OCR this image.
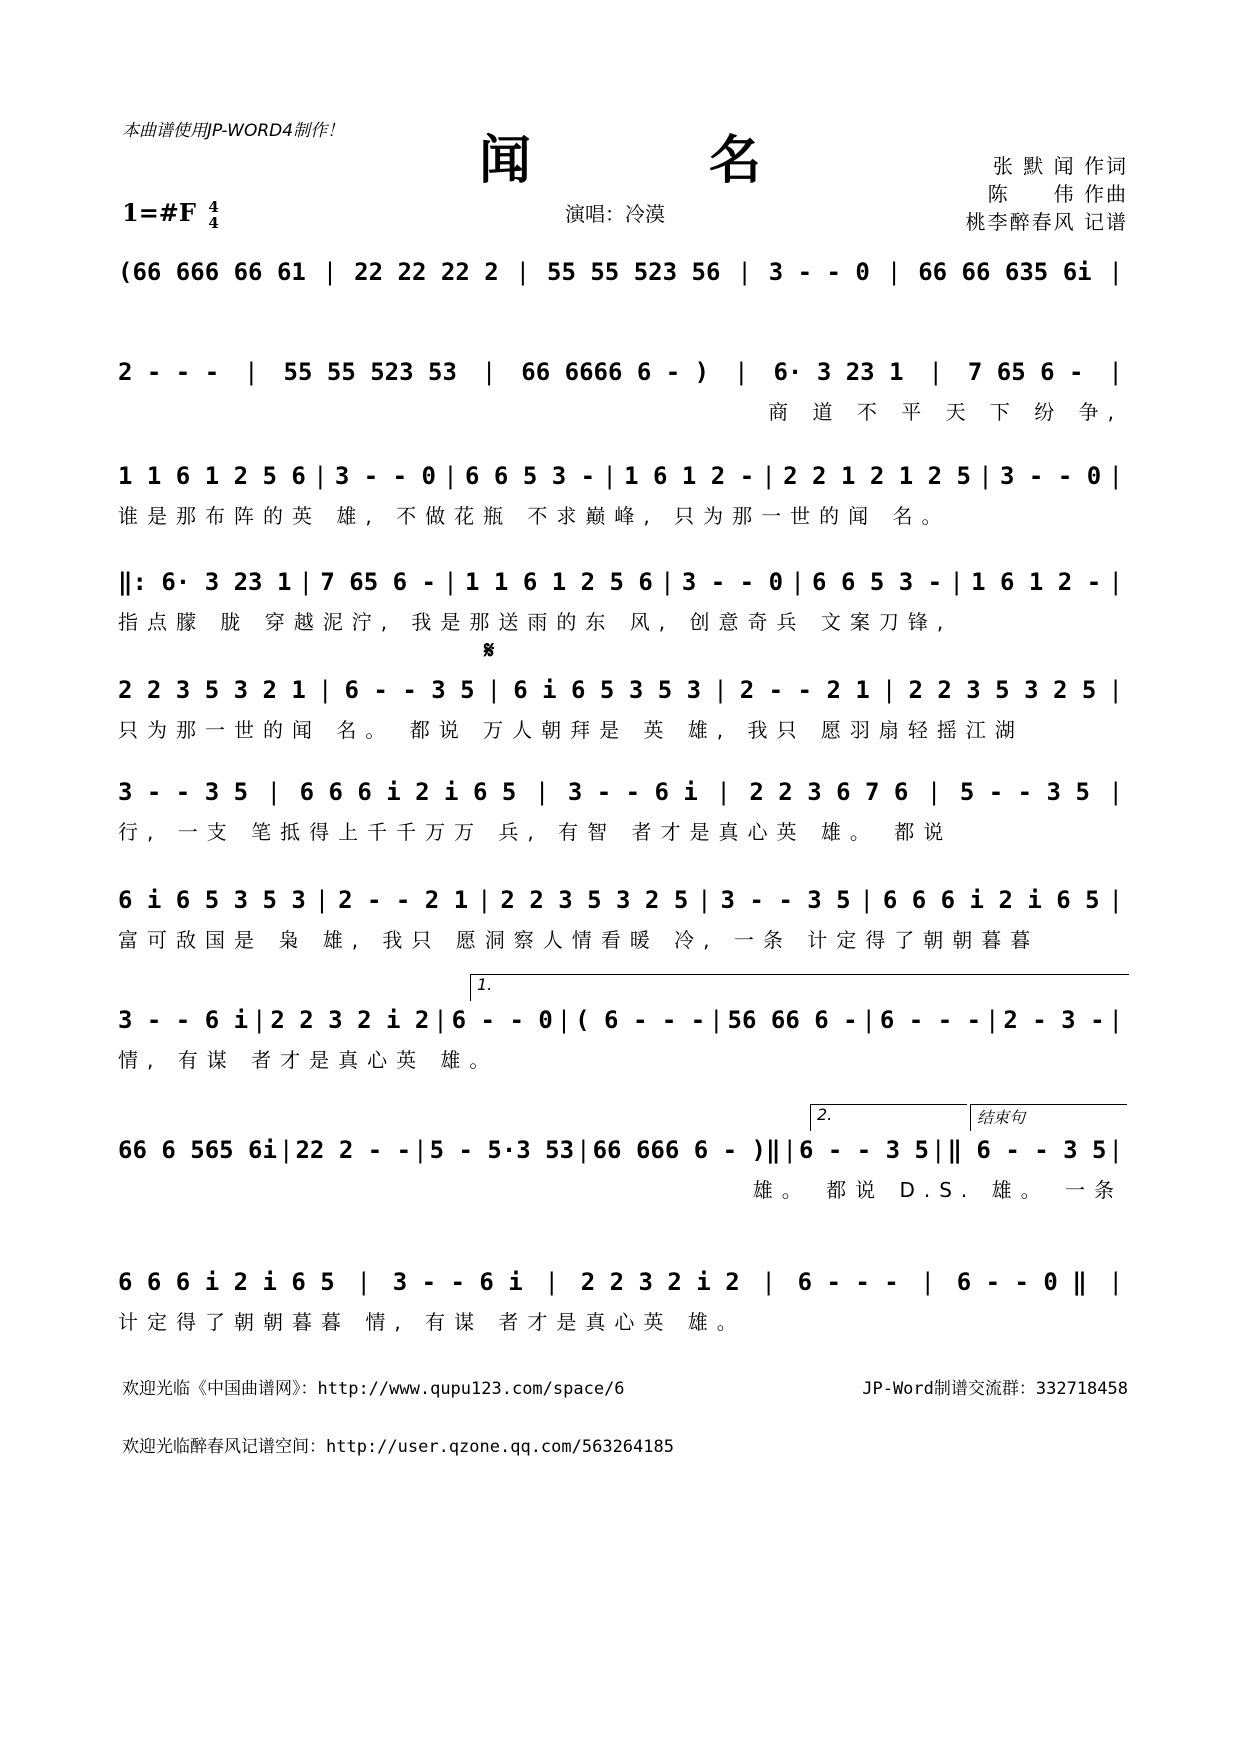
本曲谱使用JP-WORD4制作！	闻 名	张 默 闻 作词
陈　　伟 作曲
桃李醉春风 记谱
1=#F 4
4	演唱：冷漠
(66 666 66 61 | 22 22 22 2 | 55 55 523 56 | 3 - - 0 | 66 66 635 6i |
2 - - - | 55 55 523 53 | 66 6666 6 - ) | 6· 3 23 1 | 7 65 6 - |
商 道 不 平 天 下 纷 争,
1 1 6 1 2 5 6 | 3 - - 0 | 6 6 5 3 - | 1 6 1 2 - | 2 2 1 2 1 2 5 | 3 - - 0 |
谁是那布阵的英 雄, 不做花瓶 不求巅峰, 只为那一世的闻 名。
‖: 6· 3 23 1 | 7 65 6 - | 1 1 6 1 2 5 6 | 3 - - 0 | 6 6 5 3 - | 1 6 1 2 - |
指点朦 胧 穿越泥泞, 我是那送雨的东 风, 创意奇兵 文案刀锋,
2 2 3 5 3 2 1 | 6 - - 3 5 | 6 i 6 5 3 5 3 | 2 - - 2 1 | 2 2 3 5 3 2 5 |
只为那一世的闻 名。 都说 万人朝拜是 英 雄, 我只 愿羽扇轻摇江湖
3 - - 3 5 | 6 6 6 i 2 i 6 5 | 3 - - 6 i | 2 2 3 6 7 6 | 5 - - 3 5 |
行, 一支 笔抵得上千千万万 兵, 有智 者才是真心英 雄。 都说
6 i 6 5 3 5 3 | 2 - - 2 1 | 2 2 3 5 3 2 5 | 3 - - 3 5 | 6 6 6 i 2 i 6 5 |
富可敌国是 枭 雄, 我只 愿洞察人情看暖 冷, 一条 计定得了朝朝暮暮
3 - - 6 i | 2 2 3 2 i 2 | 6 - - 0 | ( 6 - - - | 56 66 6 - | 6 - - - | 2 - 3 - |
情, 有谋 者才是真心英 雄。
66 6 565 6i | 22 2 - - | 5 - 5·3 53 | 66 666 6 - )‖ | 6 - - 3 5 | ‖ 6 - - 3 5 |
雄。 都说 D.S. 雄。 一条
6 6 6 i 2 i 6 5 | 3 - - 6 i | 2 2 3 2 i 2 | 6 - - - | 6 - - 0 ‖ |
计定得了朝朝暮暮 情, 有谋 者才是真心英 雄。
1.
2.	结束句
𝄋
欢迎光临《中国曲谱网》：http://www.qupu123.com/space/6	JP-Word制谱交流群：332718458
欢迎光临醉春风记谱空间：http://user.qzone.qq.com/563264185
